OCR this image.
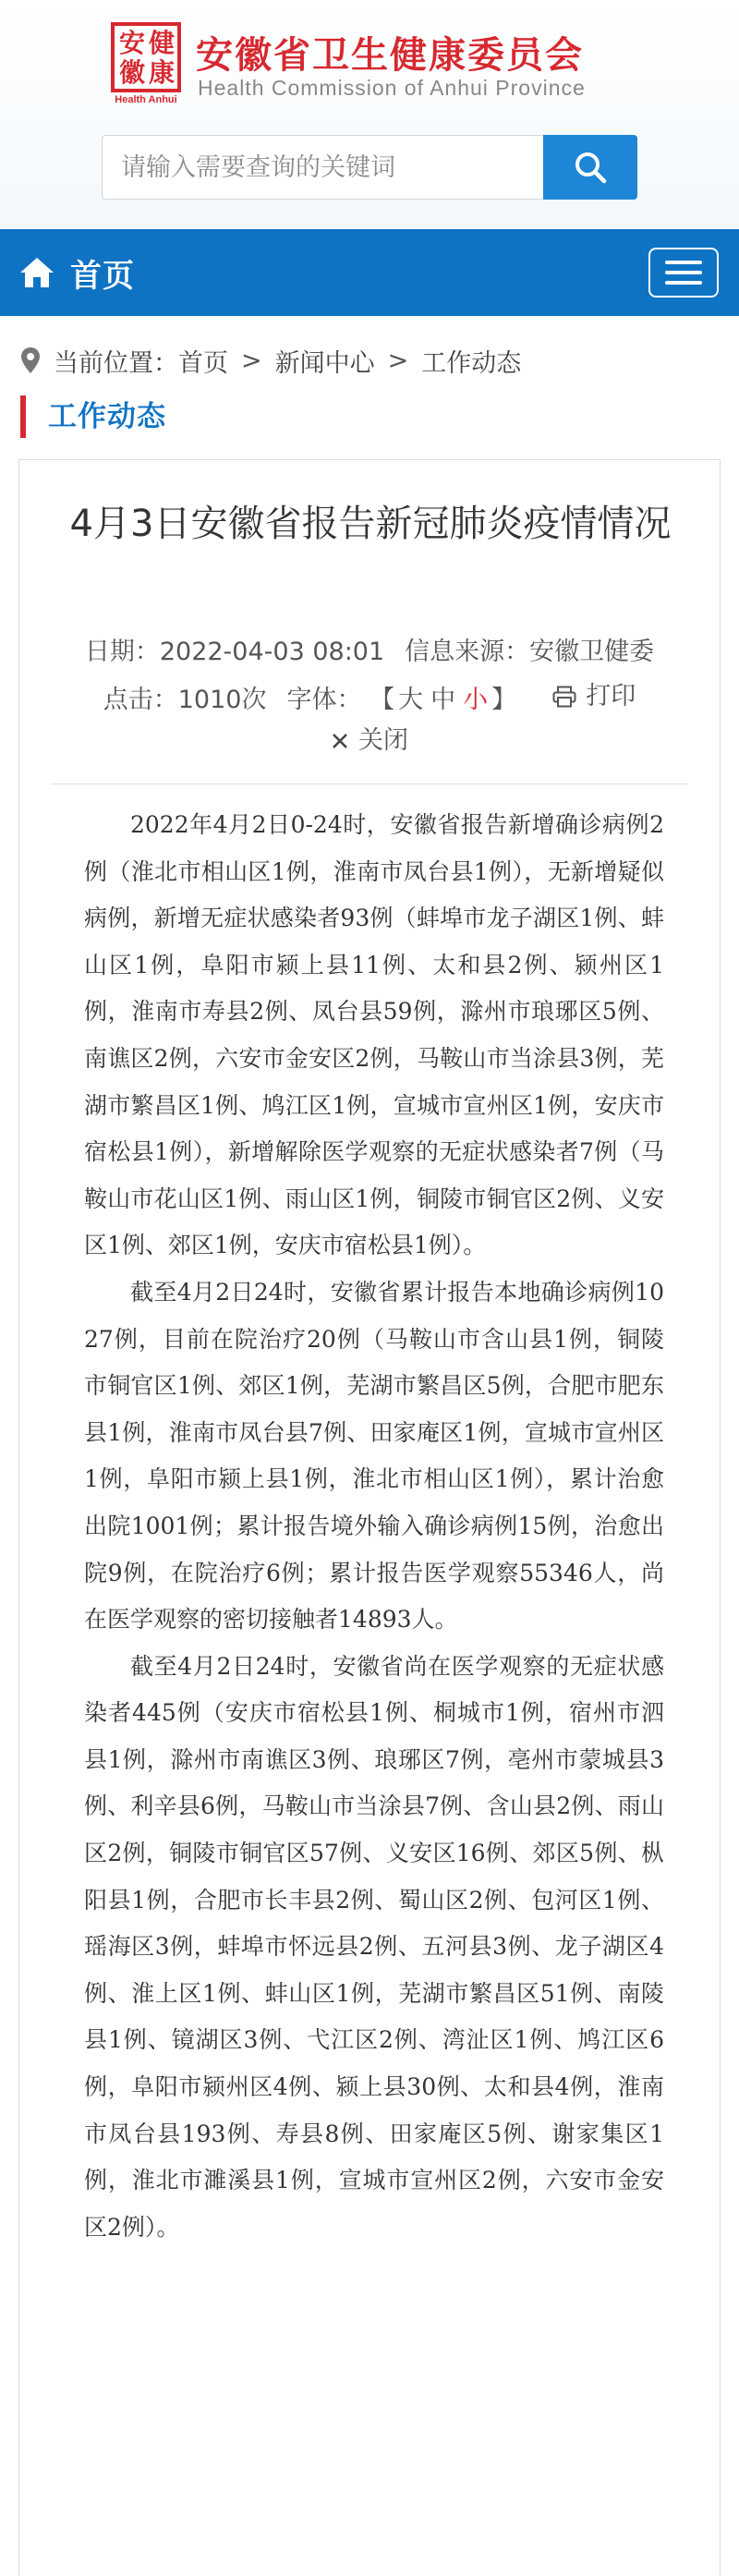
安 健
徽 康
Health Anhui
安徽省卫生健康委员会
Health Commission of Anhui Province
请输入需要查询的关键词
首页
当前位置： 首页 > 新闻中心 > 工作动态
工作动态
4月3日安徽省报告新冠肺炎疫情情况
日期：2022-04-03 08:01 信息来源：安徽卫健委
点击：1010次 字体： 【 大 中 小 】	打印
关闭

2022年4月2日0-24时，安徽省报告新增确诊病例2例（淮北市相山区1例，淮南市凤台县1例），无新增疑似病例，新增无症状感染者93例（蚌埠市龙子湖区1例、蚌山区1例，阜阳市颍上县11例、太和县2例、颍州区1例，淮南市寿县2例、凤台县59例，滁州市琅琊区5例、南谯区2例，六安市金安区2例，马鞍山市当涂县3例，芜湖市繁昌区1例、鸠江区1例，宣城市宣州区1例，安庆市宿松县1例），新增解除医学观察的无症状感染者7例（马鞍山市花山区1例、雨山区1例，铜陵市铜官区2例、义安区1例、郊区1例，安庆市宿松县1例）。

截至4月2日24时，安徽省累计报告本地确诊病例1027例，目前在院治疗20例（马鞍山市含山县1例，铜陵市铜官区1例、郊区1例，芜湖市繁昌区5例，合肥市肥东县1例，淮南市凤台县7例、田家庵区1例，宣城市宣州区1例，阜阳市颍上县1例，淮北市相山区1例），累计治愈出院1001例；累计报告境外输入确诊病例15例，治愈出院9例，在院治疗6例；累计报告医学观察55346人，尚在医学观察的密切接触者14893人。

截至4月2日24时，安徽省尚在医学观察的无症状感染者445例（安庆市宿松县1例、桐城市1例，宿州市泗县1例，滁州市南谯区3例、琅琊区7例，亳州市蒙城县3例、利辛县6例，马鞍山市当涂县7例、含山县2例、雨山区2例，铜陵市铜官区57例、义安区16例、郊区5例、枞阳县1例，合肥市长丰县2例、蜀山区2例、包河区1例、瑶海区3例，蚌埠市怀远县2例、五河县3例、龙子湖区4例、淮上区1例、蚌山区1例，芜湖市繁昌区51例、南陵县1例、镜湖区3例、弋江区2例、湾沚区1例、鸠江区6例，阜阳市颍州区4例、颍上县30例、太和县4例，淮南市凤台县193例、寿县8例、田家庵区5例、谢家集区1例，淮北市濉溪县1例，宣城市宣州区2例，六安市金安区2例）。
